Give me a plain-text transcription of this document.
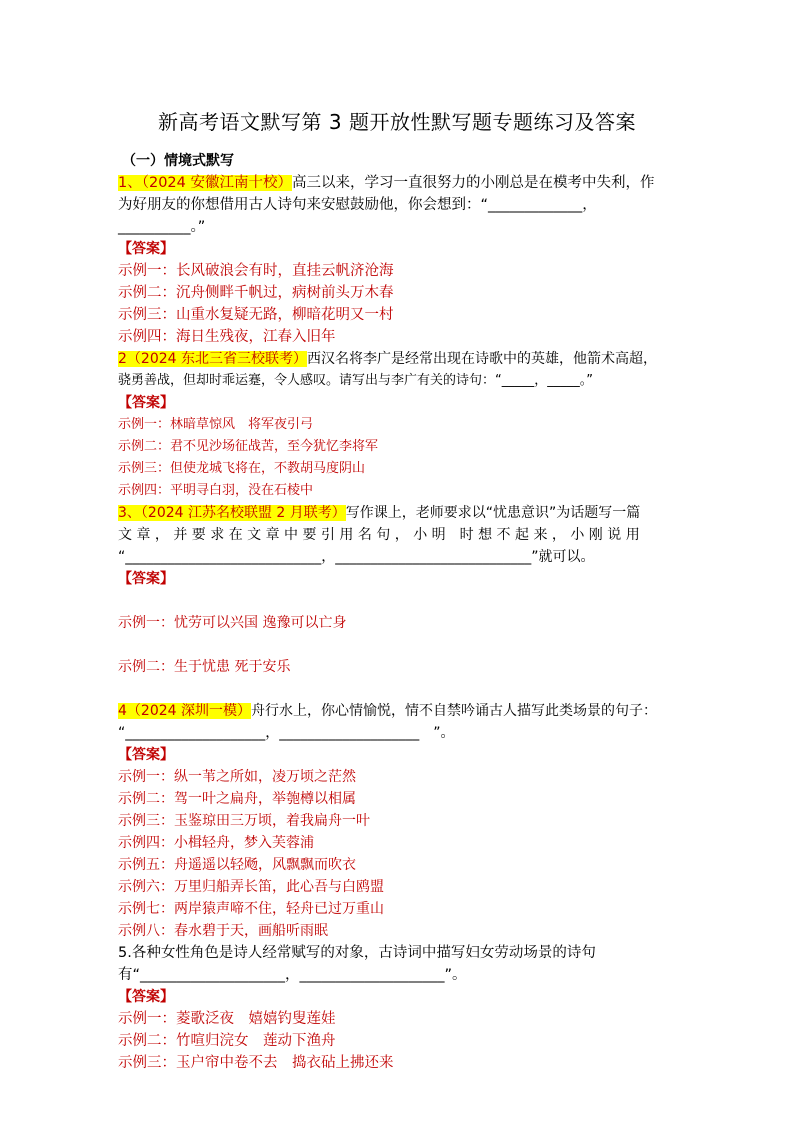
新高考语文默写第 3 题开放性默写题专题练习及答案
（一）情境式默写
1、（2024 安徽江南十校）高三以来，学习一直很努力的小刚总是在模考中失利，作
为好朋友的你想借用古人诗句来安慰鼓励他，你会想到：“_____________，
__________。”
【答案】
示例一：长风破浪会有时，直挂云帆济沧海
示例二：沉舟侧畔千帆过，病树前头万木春
示例三：山重水复疑无路，柳暗花明又一村
示例四：海日生残夜，江春入旧年
2（2024 东北三省三校联考）西汉名将李广是经常出现在诗歌中的英雄，他箭术高超，
骁勇善战，但却时乖运蹇，令人感叹。请写出与李广有关的诗句：“_____，_____。”
【答案】
示例一：林暗草惊风　将军夜引弓
示例二：君不见沙场征战苦，至今犹忆李将军
示例三：但使龙城飞将在，不教胡马度阴山
示例四：平明寻白羽，没在石棱中
3、（2024 江苏名校联盟 2 月联考）写作课上，老师要求以“忧患意识”为话题写一篇
文 章 ， 并 要 求 在 文 章 中 要 引 用 名 句 ， 小 明　时 想 不 起 来 ， 小 刚 说 用
“____________________________，____________________________”就可以。
【答案】
示例一：忧劳可以兴国 逸豫可以亡身
示例二：生于忧患 死于安乐
4（2024 深圳一模）舟行水上，你心情愉悦，情不自禁吟诵古人描写此类场景的句子：
“____________________，____________________　”。
【答案】
示例一：纵一苇之所如，凌万顷之茫然
示例二：驾一叶之扁舟，举匏樽以相属
示例三：玉鉴琼田三万顷，着我扁舟一叶
示例四：小楫轻舟，梦入芙蓉浦
示例五：舟遥遥以轻飏，风飘飘而吹衣
示例六：万里归船弄长笛，此心吾与白鸥盟
示例七：两岸猿声啼不住，轻舟已过万重山
示例八：春水碧于天，画船听雨眠
5.各种女性角色是诗人经常赋写的对象，古诗词中描写妇女劳动场景的诗句
有“____________________，____________________”。
【答案】
示例一：菱歌泛夜　嬉嬉钓叟莲娃
示例二：竹喧归浣女　莲动下渔舟
示例三：玉户帘中卷不去　捣衣砧上拂还来
